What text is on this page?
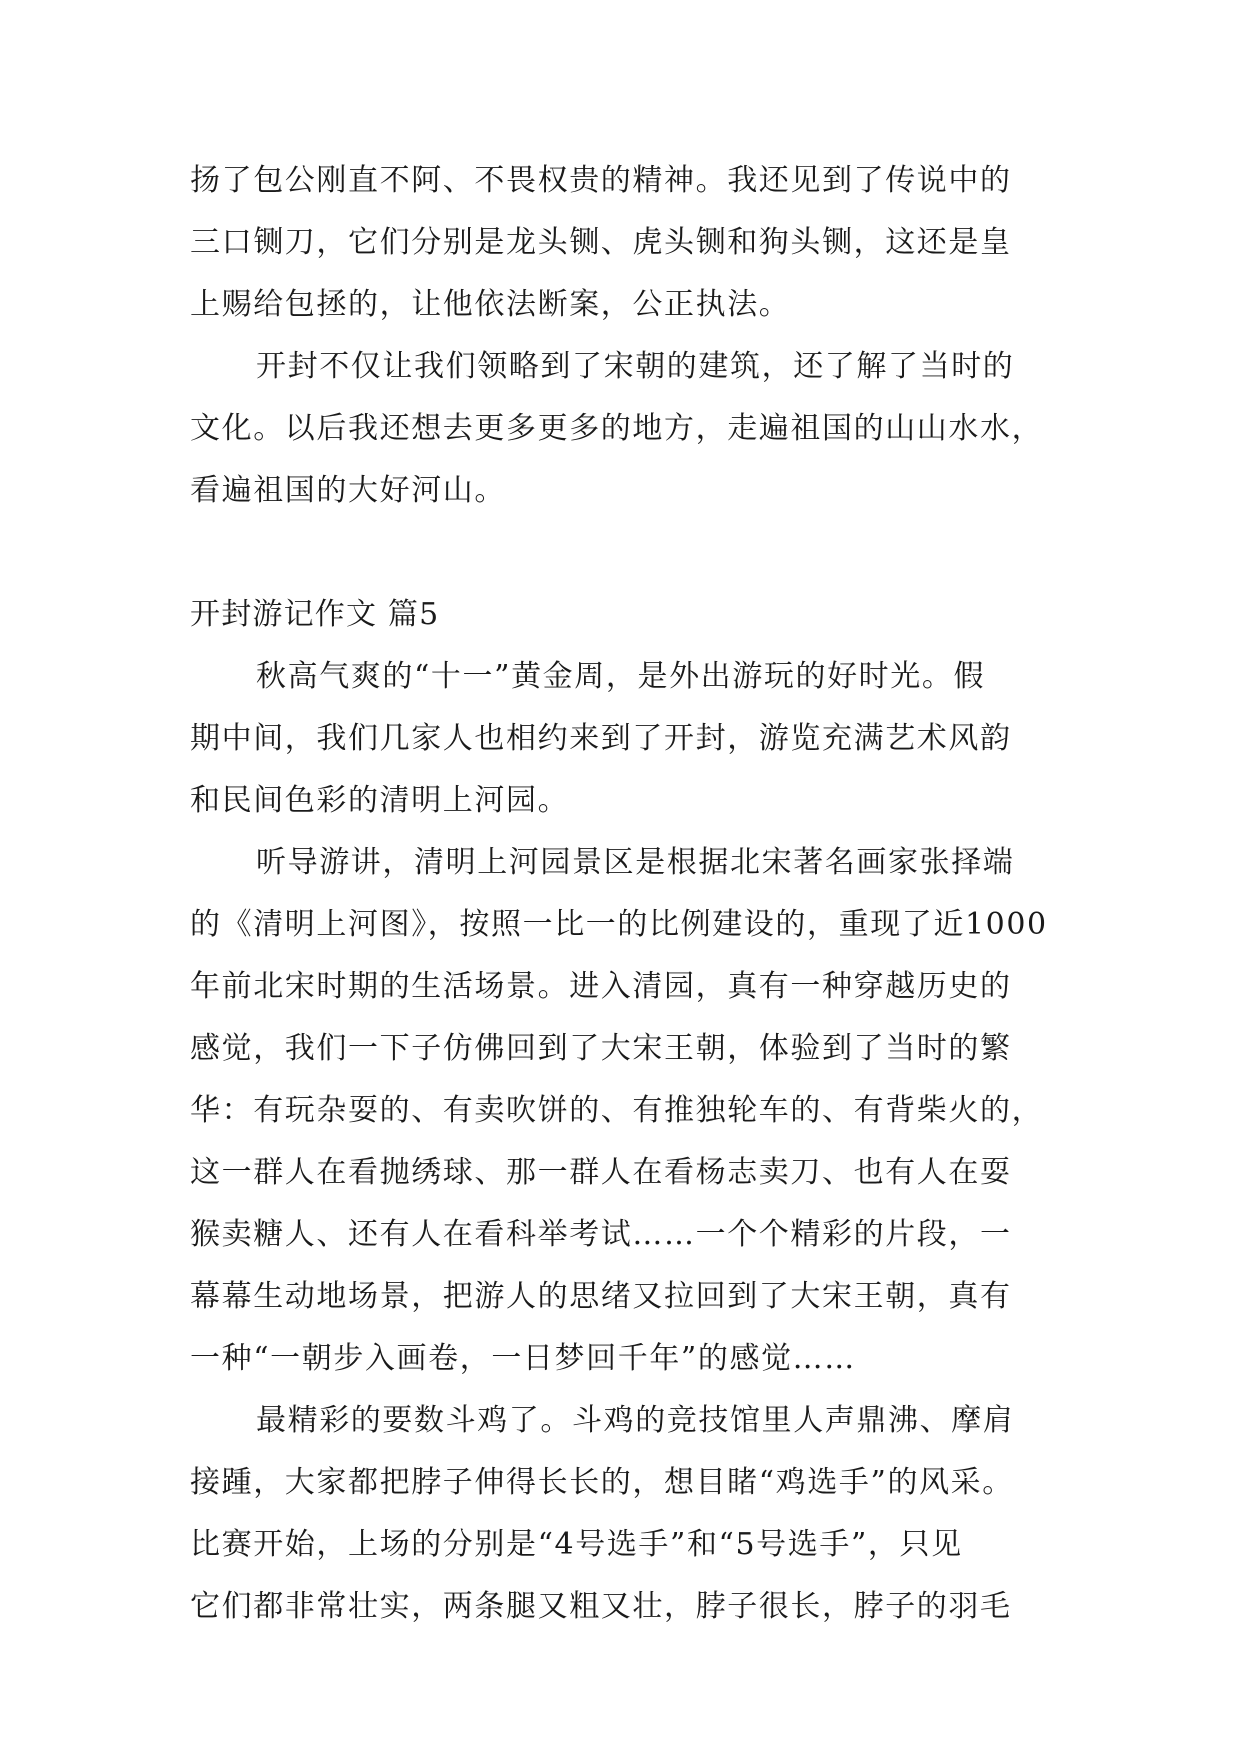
扬了包公刚直不阿、不畏权贵的精神。我还见到了传说中的
三口铡刀，它们分别是龙头铡、虎头铡和狗头铡，这还是皇
上赐给包拯的，让他依法断案，公正执法。
开封不仅让我们领略到了宋朝的建筑，还了解了当时的
文化。以后我还想去更多更多的地方，走遍祖国的山山水水，
看遍祖国的大好河山。
开封游记作文 篇5
秋高气爽的“十一”黄金周，是外出游玩的好时光。假
期中间，我们几家人也相约来到了开封，游览充满艺术风韵
和民间色彩的清明上河园。
听导游讲，清明上河园景区是根据北宋著名画家张择端
的《清明上河图》，按照一比一的比例建设的，重现了近1000
年前北宋时期的生活场景。进入清园，真有一种穿越历史的
感觉，我们一下子仿佛回到了大宋王朝，体验到了当时的繁
华：有玩杂耍的、有卖吹饼的、有推独轮车的、有背柴火的，
这一群人在看抛绣球、那一群人在看杨志卖刀、也有人在耍
猴卖糖人、还有人在看科举考试……一个个精彩的片段，一
幕幕生动地场景，把游人的思绪又拉回到了大宋王朝，真有
一种“一朝步入画卷，一日梦回千年”的感觉……
最精彩的要数斗鸡了。斗鸡的竞技馆里人声鼎沸、摩肩
接踵，大家都把脖子伸得长长的，想目睹“鸡选手”的风采。
比赛开始，上场的分别是“4号选手”和“5号选手”，只见
它们都非常壮实，两条腿又粗又壮，脖子很长，脖子的羽毛
